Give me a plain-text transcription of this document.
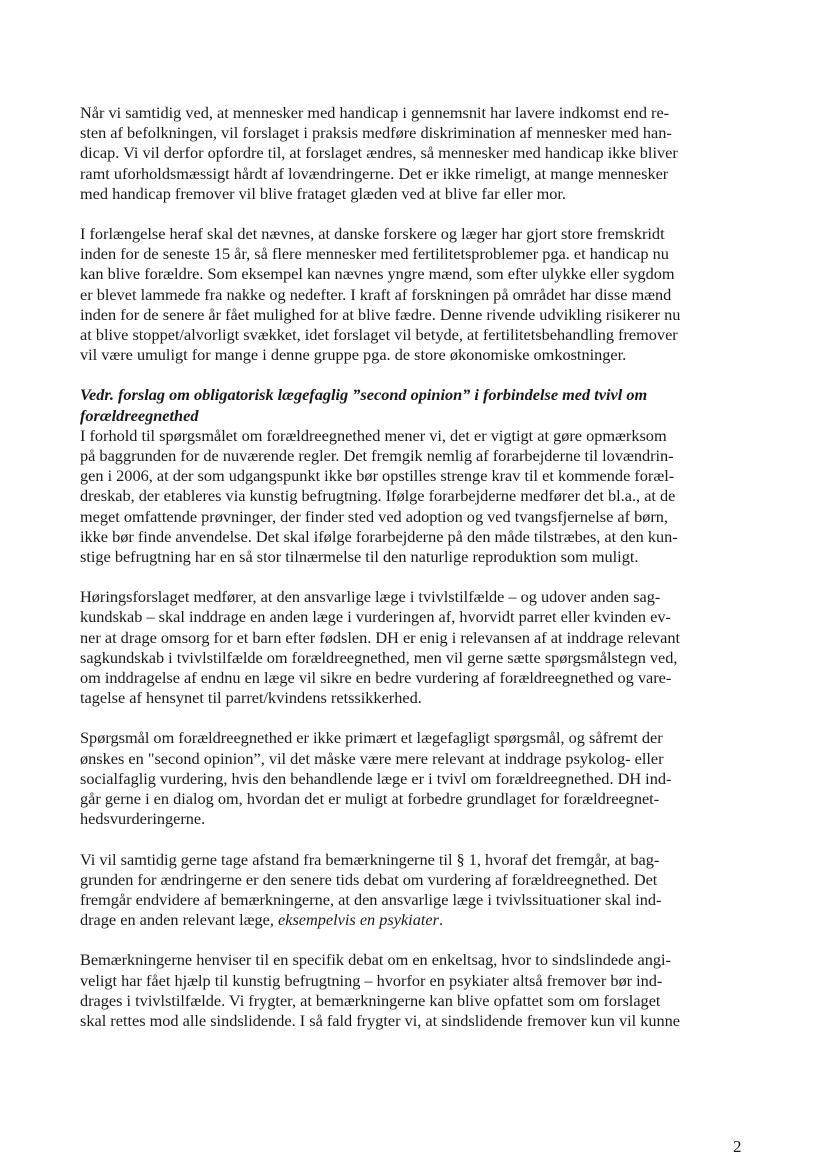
Når vi samtidig ved, at mennesker med handicap i gennemsnit har lavere indkomst end re-
sten af befolkningen, vil forslaget i praksis medføre diskrimination af mennesker med han-
dicap. Vi vil derfor opfordre til, at forslaget ændres, så mennesker med handicap ikke bliver
ramt uforholdsmæssigt hårdt af lovændringerne. Det er ikke rimeligt, at mange mennesker
med handicap fremover vil blive frataget glæden ved at blive far eller mor.

I forlængelse heraf skal det nævnes, at danske forskere og læger har gjort store fremskridt
inden for de seneste 15 år, så flere mennesker med fertilitetsproblemer pga. et handicap nu
kan blive forældre. Som eksempel kan nævnes yngre mænd, som efter ulykke eller sygdom
er blevet lammede fra nakke og nedefter. I kraft af forskningen på området har disse mænd
inden for de senere år fået mulighed for at blive fædre. Denne rivende udvikling risikerer nu
at blive stoppet/alvorligt svækket, idet forslaget vil betyde, at fertilitetsbehandling fremover
vil være umuligt for mange i denne gruppe pga. de store økonomiske omkostninger.

Vedr. forslag om obligatorisk lægefaglig ”second opinion” i forbindelse med tvivl om
forældreegnethed

I forhold til spørgsmålet om forældreegnethed mener vi, det er vigtigt at gøre opmærksom
på baggrunden for de nuværende regler. Det fremgik nemlig af forarbejderne til lovændrin-
gen i 2006, at der som udgangspunkt ikke bør opstilles strenge krav til et kommende foræl-
dreskab, der etableres via kunstig befrugtning. Ifølge forarbejderne medfører det bl.a., at de
meget omfattende prøvninger, der finder sted ved adoption og ved tvangsfjernelse af børn,
ikke bør finde anvendelse. Det skal ifølge forarbejderne på den måde tilstræbes, at den kun-
stige befrugtning har en så stor tilnærmelse til den naturlige reproduktion som muligt.

Høringsforslaget medfører, at den ansvarlige læge i tvivlstilfælde – og udover anden sag-
kundskab – skal inddrage en anden læge i vurderingen af, hvorvidt parret eller kvinden ev-
ner at drage omsorg for et barn efter fødslen. DH er enig i relevansen af at inddrage relevant
sagkundskab i tvivlstilfælde om forældreegnethed, men vil gerne sætte spørgsmålstegn ved,
om inddragelse af endnu en læge vil sikre en bedre vurdering af forældreegnethed og vare-
tagelse af hensynet til parret/kvindens retssikkerhed.

Spørgsmål om forældreegnethed er ikke primært et lægefagligt spørgsmål, og såfremt der
ønskes en "second opinion”, vil det måske være mere relevant at inddrage psykolog- eller
socialfaglig vurdering, hvis den behandlende læge er i tvivl om forældreegnethed. DH ind-
går gerne i en dialog om, hvordan det er muligt at forbedre grundlaget for forældreegnet-
hedsvurderingerne.

Vi vil samtidig gerne tage afstand fra bemærkningerne til § 1, hvoraf det fremgår, at bag-
grunden for ændringerne er den senere tids debat om vurdering af forældreegnethed. Det
fremgår endvidere af bemærkningerne, at den ansvarlige læge i tvivlssituationer skal ind-
drage en anden relevant læge, eksempelvis en psykiater.

Bemærkningerne henviser til en specifik debat om en enkeltsag, hvor to sindslindede angi-
veligt har fået hjælp til kunstig befrugtning – hvorfor en psykiater altså fremover bør ind-
drages i tvivlstilfælde. Vi frygter, at bemærkningerne kan blive opfattet som om forslaget
skal rettes mod alle sindslidende. I så fald frygter vi, at sindslidende fremover kun vil kunne

2
